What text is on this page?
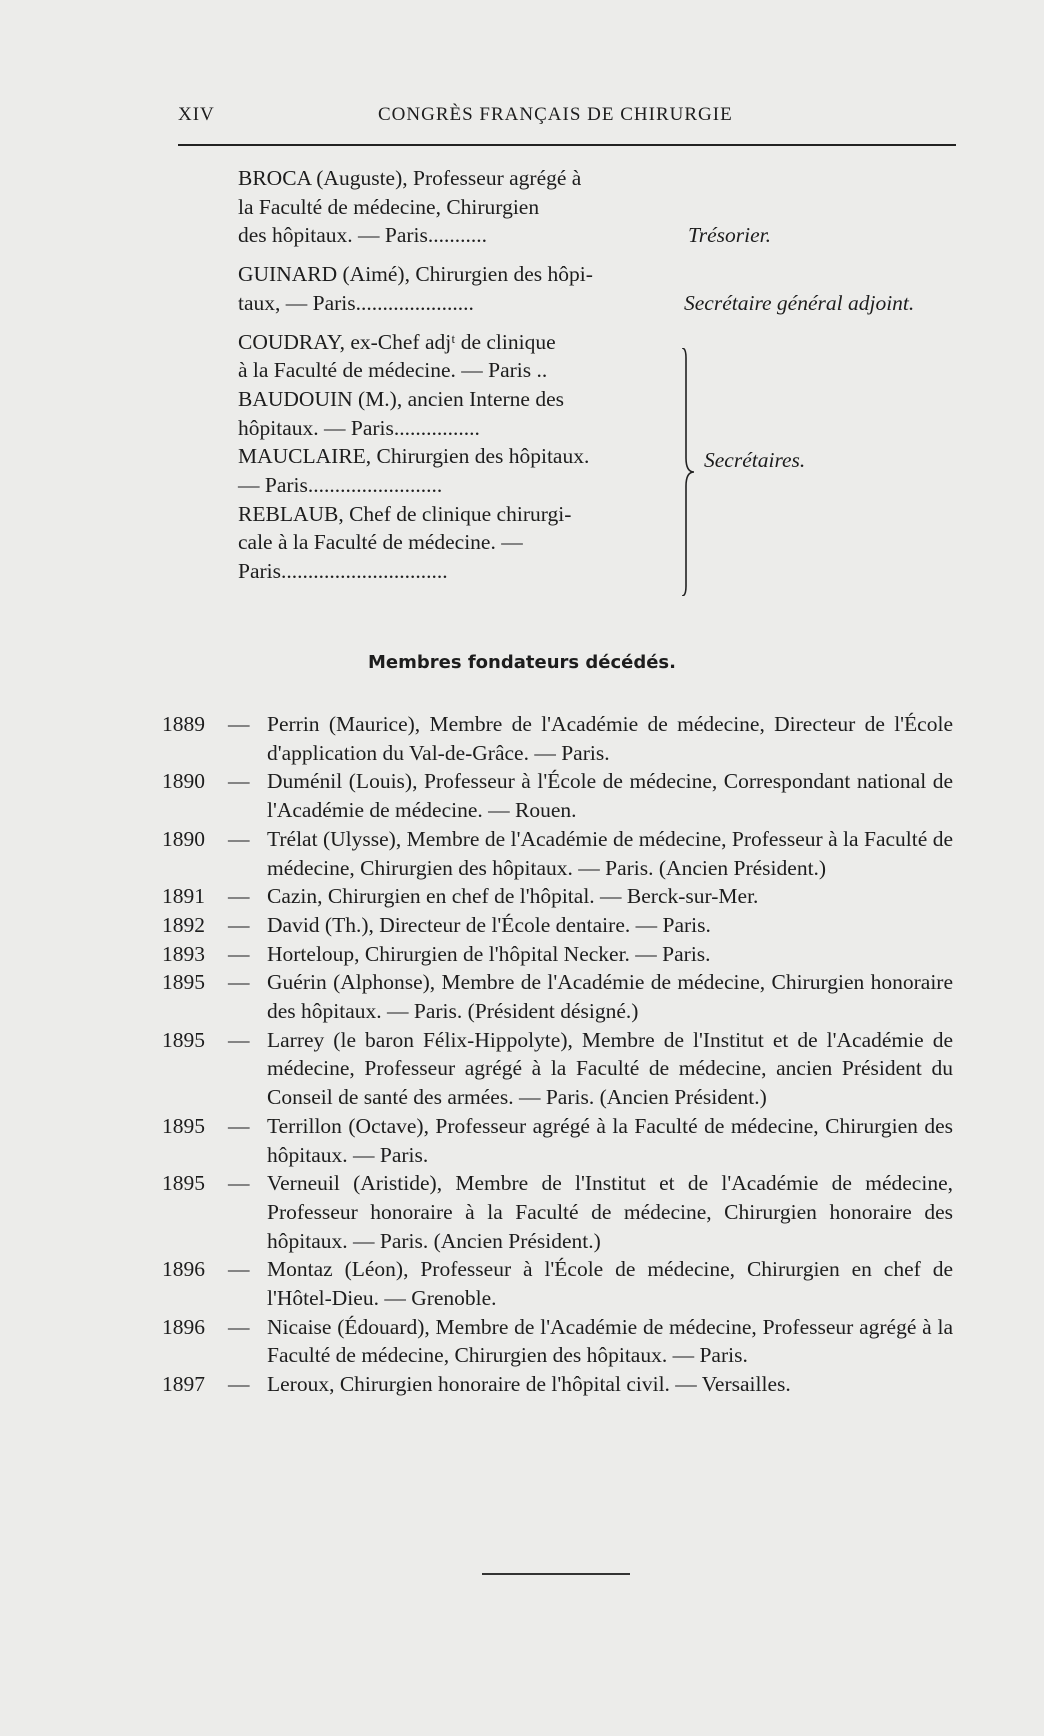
XIV	CONGRÈS FRANÇAIS DE CHIRURGIE

BROCA (Auguste), Professeur agrégé à

la Faculté de médecine, Chirurgien

des hôpitaux. — Paris...........	Trésorier.

GUINARD (Aimé), Chirurgien des hôpi-

taux, — Paris......................	Secrétaire général adjoint.

COUDRAY, ex-Chef adjᵗ de clinique

à la Faculté de médecine. — Paris ..

BAUDOUIN (M.), ancien Interne des

hôpitaux. — Paris................

MAUCLAIRE, Chirurgien des hôpitaux.

— Paris.........................

REBLAUB, Chef de clinique chirurgi-

cale à la Faculté de médecine. —

Paris...............................

Secrétaires.
Membres fondateurs décédés.
1889	— Perrin (Maurice), Membre de l'Académie de médecine, Directeur de l'École d'application du Val-de-Grâce. — Paris.
1890	— Duménil (Louis), Professeur à l'École de médecine, Correspondant national de l'Académie de médecine. — Rouen.
1890	— Trélat (Ulysse), Membre de l'Académie de médecine, Professeur à la Faculté de médecine, Chirurgien des hôpitaux. — Paris. (Ancien Président.)
1891	— Cazin, Chirurgien en chef de l'hôpital. — Berck-sur-Mer.
1892	— David (Th.), Directeur de l'École dentaire. — Paris.
1893	— Horteloup, Chirurgien de l'hôpital Necker. — Paris.
1895	— Guérin (Alphonse), Membre de l'Académie de médecine, Chirurgien honoraire des hôpitaux. — Paris. (Président désigné.)
1895	— Larrey (le baron Félix-Hippolyte), Membre de l'Institut et de l'Académie de médecine, Professeur agrégé à la Faculté de médecine, ancien Président du Conseil de santé des armées. — Paris. (Ancien Président.)
1895	— Terrillon (Octave), Professeur agrégé à la Faculté de médecine, Chirurgien des hôpitaux. — Paris.
1895	— Verneuil (Aristide), Membre de l'Institut et de l'Académie de médecine, Professeur honoraire à la Faculté de médecine, Chirurgien honoraire des hôpitaux. — Paris. (Ancien Président.)
1896	— Montaz (Léon), Professeur à l'École de médecine, Chirurgien en chef de l'Hôtel-Dieu. — Grenoble.
1896	— Nicaise (Édouard), Membre de l'Académie de médecine, Professeur agrégé à la Faculté de médecine, Chirurgien des hôpitaux. — Paris.
1897	— Leroux, Chirurgien honoraire de l'hôpital civil. — Versailles.
